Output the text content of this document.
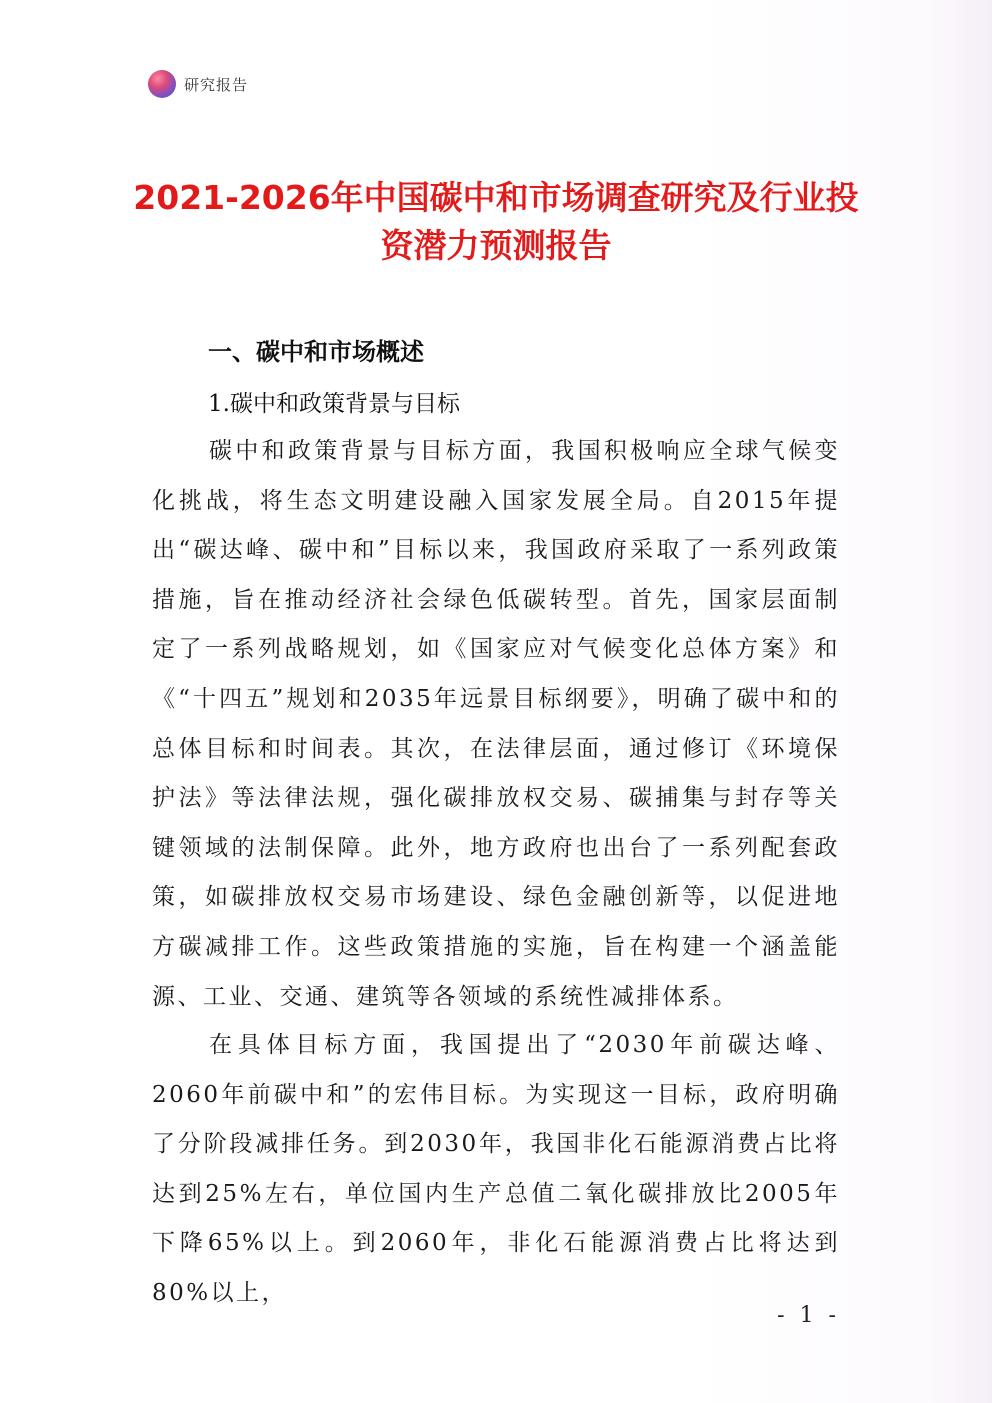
研究报告
2021-2026年中国碳中和市场调查研究及行业投资潜力预测报告
一、碳中和市场概述
1.碳中和政策背景与目标

碳中和政策背景与目标方面，我国积极响应全球气候变化挑战，将生态文明建设融入国家发展全局。自2015年提出“碳达峰、碳中和”目标以来，我国政府采取了一系列政策措施，旨在推动经济社会绿色低碳转型。首先，国家层面制定了一系列战略规划，如《国家应对气候变化总体方案》和《“十四五”规划和2035年远景目标纲要》，明确了碳中和的总体目标和时间表。其次，在法律层面，通过修订《环境保护法》等法律法规，强化碳排放权交易、碳捕集与封存等关键领域的法制保障。此外，地方政府也出台了一系列配套政策，如碳排放权交易市场建设、绿色金融创新等，以促进地方碳减排工作。这些政策措施的实施，旨在构建一个涵盖能源、工业、交通、建筑等各领域的系统性减排体系。

在具体目标方面，我国提出了“2030年前碳达峰、2060年前碳中和”的宏伟目标。为实现这一目标，政府明确了分阶段减排任务。到2030年，我国非化石能源消费占比将达到25%左右，单位国内生产总值二氧化碳排放比2005年下降65%以上。到2060年，非化石能源消费占比将达到80%以上，

- 1 -
